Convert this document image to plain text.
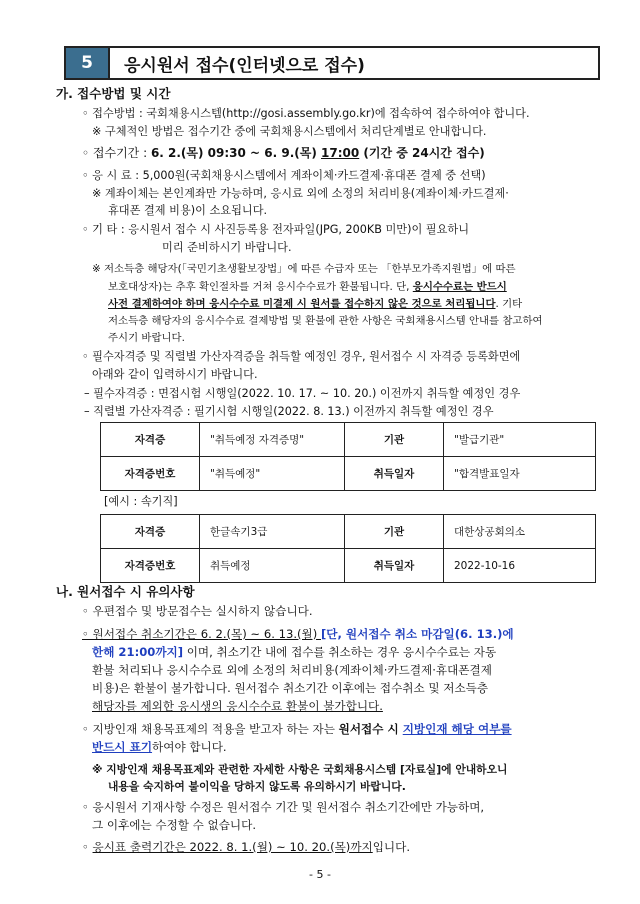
5	응시원서 접수(인터넷으로 접수)
가. 접수방법 및 시간
◦ 접수방법 : 국회채용시스템(http://gosi.assembly.go.kr)에 접속하여 접수하여야 합니다.
※ 구체적인 방법은 접수기간 중에 국회채용시스템에서 처리단계별로 안내합니다.
◦ 접수기간 : 6. 2.(목) 09:30 ~ 6. 9.(목) 17:00 (기간 중 24시간 접수)
◦ 응 시 료 : 5,000원(국회채용시스템에서 계좌이체·카드결제·휴대폰 결제 중 선택)
※ 계좌이체는 본인계좌만 가능하며, 응시료 외에 소정의 처리비용(계좌이체·카드결제·
휴대폰 결제 비용)이 소요됩니다.
◦ 기 타 : 응시원서 접수 시 사진등록용 전자파일(JPG, 200KB 미만)이 필요하니
미리 준비하시기 바랍니다.
※ 저소득층 해당자(「국민기초생활보장법」에 따른 수급자 또는 「한부모가족지원법」에 따른
보호대상자)는 추후 확인절차를 거쳐 응시수수료가 환불됩니다. 단, 응시수수료는 반드시
사전 결제하여야 하며 응시수수료 미결제 시 원서를 접수하지 않은 것으로 처리됩니다. 기타
저소득층 해당자의 응시수수료 결제방법 및 환불에 관한 사항은 국회채용시스템 안내를 참고하여
주시기 바랍니다.
◦ 필수자격증 및 직렬별 가산자격증을 취득할 예정인 경우, 원서접수 시 자격증 등록화면에
아래와 같이 입력하시기 바랍니다.
– 필수자격증 : 면접시험 시행일(2022. 10. 17. ~ 10. 20.) 이전까지 취득할 예정인 경우
– 직렬별 가산자격증 : 필기시험 시행일(2022. 8. 13.) 이전까지 취득할 예정인 경우
자격증	"취득예정 자격증명"	기관	"발급기관"
자격증번호	"취득예정"	취득일자	"합격발표일자
[예시 : 속기직]
자격증	한글속기3급	기관	대한상공회의소
자격증번호	취득예정	취득일자	2022-10-16
나. 원서접수 시 유의사항
◦ 우편접수 및 방문접수는 실시하지 않습니다.
◦ 원서접수 취소기간은 6. 2.(목) ~ 6. 13.(월) [단, 원서접수 취소 마감일(6. 13.)에
한해 21:00까지] 이며, 취소기간 내에 접수를 취소하는 경우 응시수수료는 자동
환불 처리되나 응시수수료 외에 소정의 처리비용(계좌이체·카드결제·휴대폰결제
비용)은 환불이 불가합니다. 원서접수 취소기간 이후에는 접수취소 및 저소득층
해당자를 제외한 응시생의 응시수수료 환불이 불가합니다.
◦ 지방인재 채용목표제의 적용을 받고자 하는 자는 원서접수 시 지방인재 해당 여부를
반드시 표기하여야 합니다.
※ 지방인재 채용목표제와 관련한 자세한 사항은 국회채용시스템 [자료실]에 안내하오니
내용을 숙지하여 불이익을 당하지 않도록 유의하시기 바랍니다.
◦ 응시원서 기재사항 수정은 원서접수 기간 및 원서접수 취소기간에만 가능하며,
그 이후에는 수정할 수 없습니다.
◦ 응시표 출력기간은 2022. 8. 1.(월) ~ 10. 20.(목)까지입니다.
- 5 -
